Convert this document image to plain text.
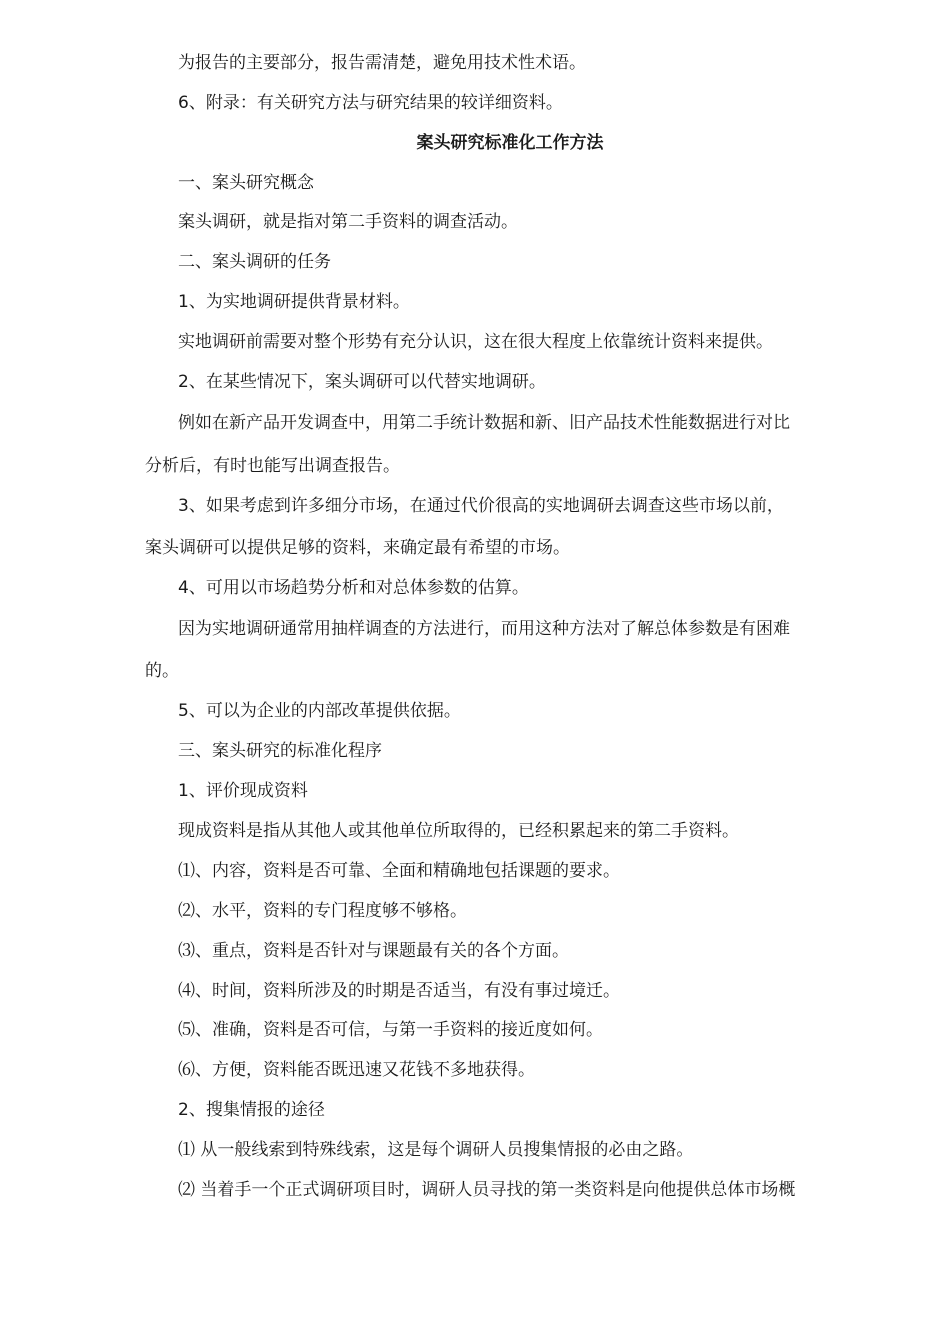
为报告的主要部分，报告需清楚，避免用技术性术语。
6、附录：有关研究方法与研究结果的较详细资料。
案头研究标准化工作方法
一、案头研究概念
案头调研，就是指对第二手资料的调查活动。
二、案头调研的任务
1、为实地调研提供背景材料。
实地调研前需要对整个形势有充分认识，这在很大程度上依靠统计资料来提供。
2、在某些情况下，案头调研可以代替实地调研。
例如在新产品开发调查中，用第二手统计数据和新、旧产品技术性能数据进行对比
分析后，有时也能写出调查报告。
3、如果考虑到许多细分市场，在通过代价很高的实地调研去调查这些市场以前，
案头调研可以提供足够的资料，来确定最有希望的市场。
4、可用以市场趋势分析和对总体参数的估算。
因为实地调研通常用抽样调查的方法进行，而用这种方法对了解总体参数是有困难
的。
5、可以为企业的内部改革提供依据。
三、案头研究的标准化程序
1、评价现成资料
现成资料是指从其他人或其他单位所取得的，已经积累起来的第二手资料。
⑴、内容，资料是否可靠、全面和精确地包括课题的要求。
⑵、水平，资料的专门程度够不够格。
⑶、重点，资料是否针对与课题最有关的各个方面。
⑷、时间，资料所涉及的时期是否适当，有没有事过境迁。
⑸、准确，资料是否可信，与第一手资料的接近度如何。
⑹、方便，资料能否既迅速又花钱不多地获得。
2、搜集情报的途径
⑴ 从一般线索到特殊线索，这是每个调研人员搜集情报的必由之路。
⑵ 当着手一个正式调研项目时，调研人员寻找的第一类资料是向他提供总体市场概
